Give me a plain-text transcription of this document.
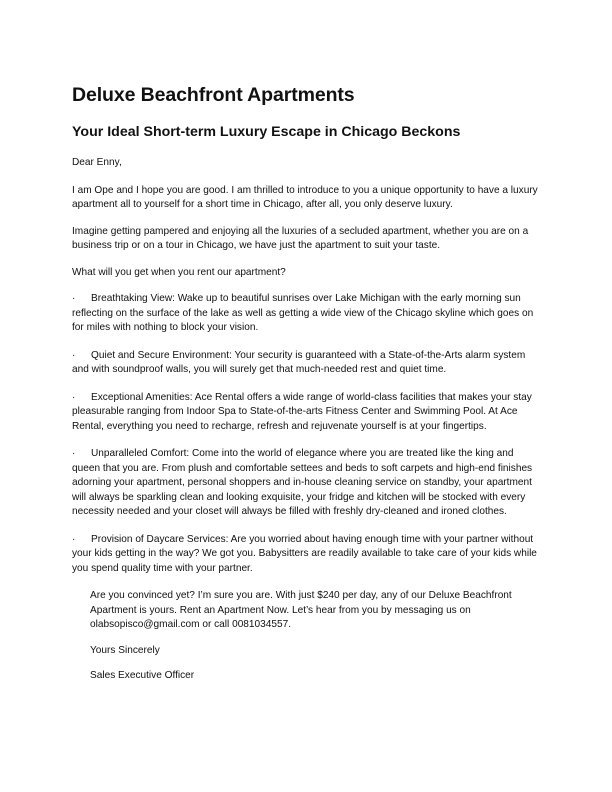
Deluxe Beachfront Apartments
Your Ideal Short-term Luxury Escape in Chicago Beckons

Dear Enny,

I am Ope and I hope you are good. I am thrilled to introduce to you a unique opportunity to have a luxury apartment all to yourself for a short time in Chicago, after all, you only deserve luxury.

Imagine getting pampered and enjoying all the luxuries of a secluded apartment, whether you are on a business trip or on a tour in Chicago, we have just the apartment to suit your taste.

What will you get when you rent our apartment?

· Breathtaking View: Wake up to beautiful sunrises over Lake Michigan with the early morning sun reflecting on the surface of the lake as well as getting a wide view of the Chicago skyline which goes on for miles with nothing to block your vision.

· Quiet and Secure Environment: Your security is guaranteed with a State-of-the-Arts alarm system and with soundproof walls, you will surely get that much-needed rest and quiet time.

· Exceptional Amenities: Ace Rental offers a wide range of world-class facilities that makes your stay pleasurable ranging from Indoor Spa to State-of-the-arts Fitness Center and Swimming Pool. At Ace Rental, everything you need to recharge, refresh and rejuvenate yourself is at your fingertips.

· Unparalleled Comfort: Come into the world of elegance where you are treated like the king and queen that you are. From plush and comfortable settees and beds to soft carpets and high-end finishes adorning your apartment, personal shoppers and in-house cleaning service on standby, your apartment will always be sparkling clean and looking exquisite, your fridge and kitchen will be stocked with every necessity needed and your closet will always be filled with freshly dry-cleaned and ironed clothes.

· Provision of Daycare Services: Are you worried about having enough time with your partner without your kids getting in the way? We got you. Babysitters are readily available to take care of your kids while you spend quality time with your partner.

Are you convinced yet? I’m sure you are. With just $240 per day, any of our Deluxe Beachfront Apartment is yours. Rent an Apartment Now. Let’s hear from you by messaging us on olabsopisco@gmail.com or call 0081034557.

Yours Sincerely

Sales Executive Officer
